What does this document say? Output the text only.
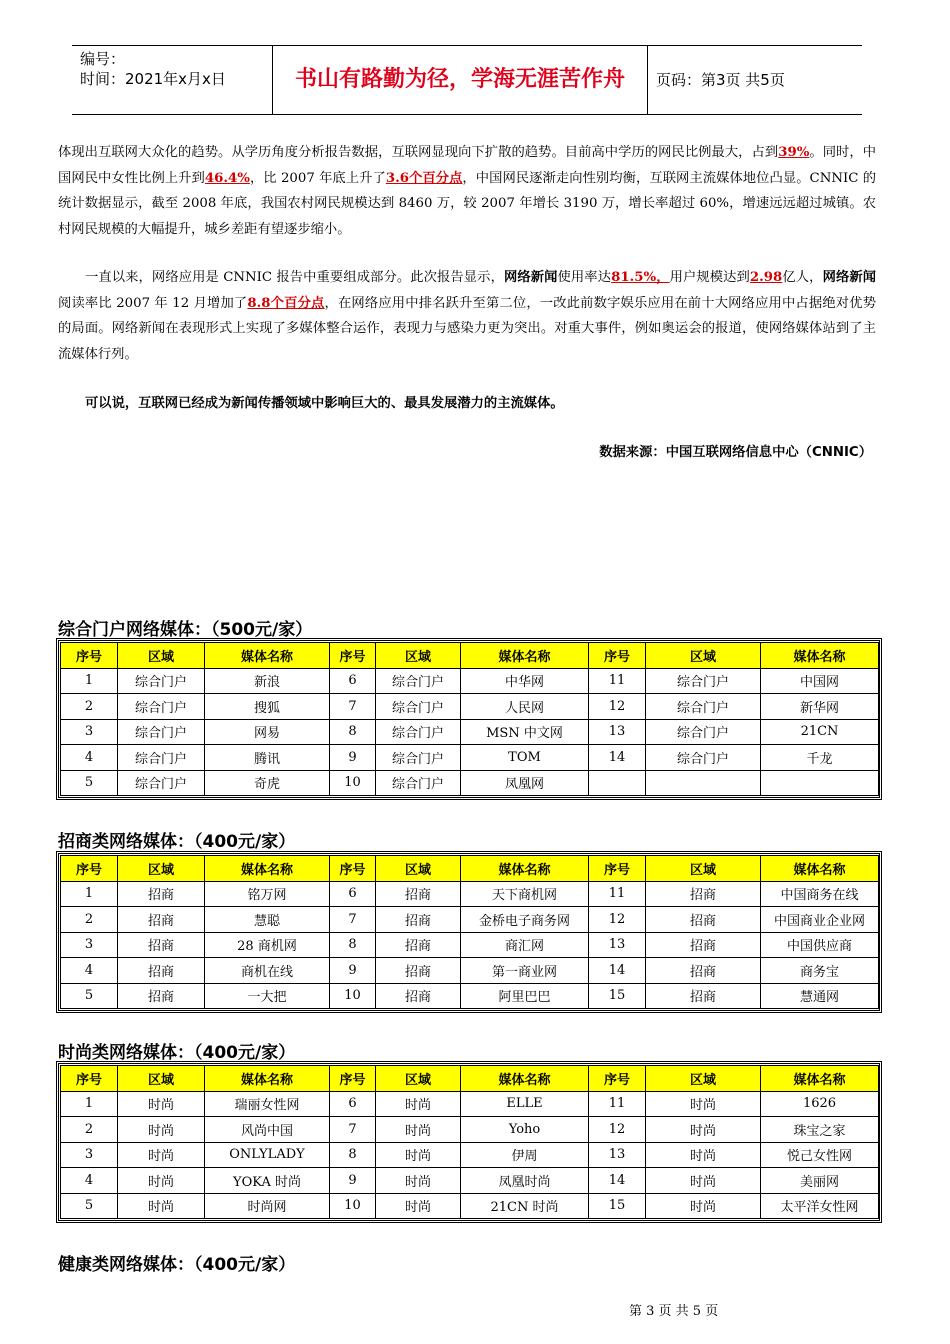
编号：
时间：2021年x月x日	书山有路勤为径，学海无涯苦作舟	页码：第3页 共5页

体现出互联网大众化的趋势。从学历角度分析报告数据，互联网显现向下扩散的趋势。目前高中学历的网民比例最大，占到39%。同时，中国网民中女性比例上升到46.4%，比 2007 年底上升了3.6个百分点，中国网民逐渐走向性别均衡，互联网主流媒体地位凸显。CNNIC 的统计数据显示，截至 2008 年底，我国农村网民规模达到 8460 万，较 2007 年增长 3190 万，增长率超过 60%，增速远远超过城镇。农村网民规模的大幅提升，城乡差距有望逐步缩小。

一直以来，网络应用是 CNNIC 报告中重要组成部分。此次报告显示，网络新闻使用率达81.5%，用户规模达到2.98亿人，网络新闻阅读率比 2007 年 12 月增加了8.8个百分点，在网络应用中排名跃升至第二位，一改此前数字娱乐应用在前十大网络应用中占据绝对优势的局面。网络新闻在表现形式上实现了多媒体整合运作，表现力与感染力更为突出。对重大事件，例如奥运会的报道，使网络媒体站到了主流媒体行列。

可以说，互联网已经成为新闻传播领域中影响巨大的、最具发展潜力的主流媒体。
数据来源：中国互联网络信息中心（CNNIC）
综合门户网络媒体：（500元/家）
序号	区域	媒体名称	序号	区域	媒体名称	序号	区域	媒体名称
1	综合门户	新浪	6	综合门户	中华网	11	综合门户	中国网
2	综合门户	搜狐	7	综合门户	人民网	12	综合门户	新华网
3	综合门户	网易	8	综合门户	MSN 中文网	13	综合门户	21CN
4	综合门户	腾讯	9	综合门户	TOM	14	综合门户	千龙
5	综合门户	奇虎	10	综合门户	凤凰网			
招商类网络媒体：（400元/家）
序号	区域	媒体名称	序号	区域	媒体名称	序号	区域	媒体名称
1	招商	铭万网	6	招商	天下商机网	11	招商	中国商务在线
2	招商	慧聪	7	招商	金桥电子商务网	12	招商	中国商业企业网
3	招商	28 商机网	8	招商	商汇网	13	招商	中国供应商
4	招商	商机在线	9	招商	第一商业网	14	招商	商务宝
5	招商	一大把	10	招商	阿里巴巴	15	招商	慧通网
时尚类网络媒体：（400元/家）
序号	区域	媒体名称	序号	区域	媒体名称	序号	区域	媒体名称
1	时尚	瑞丽女性网	6	时尚	ELLE	11	时尚	1626
2	时尚	风尚中国	7	时尚	Yoho	12	时尚	珠宝之家
3	时尚	ONLYLADY	8	时尚	伊周	13	时尚	悦己女性网
4	时尚	YOKA 时尚	9	时尚	凤凰时尚	14	时尚	美丽网
5	时尚	时尚网	10	时尚	21CN 时尚	15	时尚	太平洋女性网
健康类网络媒体：（400元/家）
第 3 页 共 5 页
